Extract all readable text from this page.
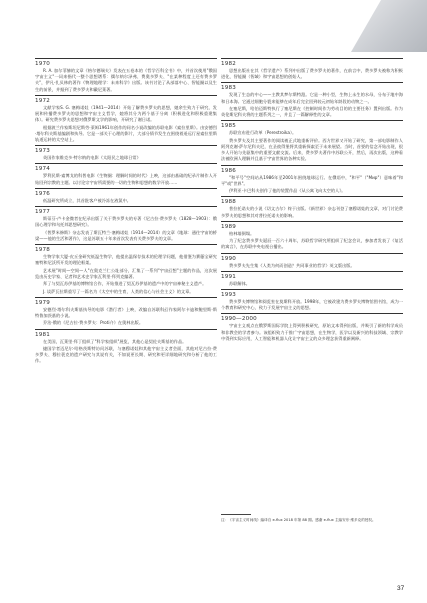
1970

R. A. 加尔菲赫的文章《格尔德瑞夫》发表在五卷本的《哲学百科全书》中，并首次使用"俄国宇宙主义"一词来指代一整个思想谱系：儒尔纳尔泽弗、费奥多罗夫、"在某种程度上还有费多罗夫"，伊凡·扎贝林的著作《物理地理学：未来科学》出版。该书讨论了从部落中心、智能圈以及生生的前景，并据到了费多罗夫和戴尼莱著。

1972

文献学家S. G. 塞梅诺娃（1941—2014）开始了解费多罗夫的思想，她余生致力于研究、发展和传播费多罗夫的思想和宇宙主义哲学，她将其分为两个基于分离（积极进化和积极重建集体）。研究费多罗夫思想对俄罗斯文学的影响，开研究了谢日诺。

根据波兰作家斯坦尼斯劳·莱姆1961年创作的同名小说改编的苏联电影《索拉里斯》。由安德烈·塔尔科夫斯基编剧和执导。它是一部关于心理的影片，大部分情节发生在围绕着遥远行星索拉里斯轨道运转的太空站上。

1973

英国作家维克多·特尔纳的电影《太阳民之地球日常》

1974

罗利民斯·索博戈的科普电影《生物圈：理解时间的时代》上映，这部由基础的纪录片制作人开始回到宗教的主题。以讨论宗宇宙所需要的一切的生物和思想的数学开放……

1976

低温研究所成立，其首批客户被冷冻在液氮中。

1977

斯蒂芬·卢卡金微者在纪录出版了关于费多罗夫的专著《尼古拉·费多罗夫（1828—1903）：俄国心理学和乌托邦思想研究》。

《普罗米修斯》杂志发表了斯瓦特兰·塞梅诺娃（1914—2014）的文章《地球：通往宇宙的桥梁——他的生活和著作》，这是苏联五十年来首次发表有关费多罗夫的文章。

1978

生物学家大厦-皮丘金研究低温生物学，他提出温保存技术的伦理学问题，他借鉴为赛藤宝研究塞特和尼沃所开发的理论框架。

艺术展"时间—空间—人"在奥克兰仁公址部分，汇集了一系列"宇宙幻想"主题的作品，这次展览由历史学家、记者和艺术史学家瓦利里·拜列克编著。

拜了与契瓦苏伊基的博物馆合作，开始推进了契瓦苏伊基的遗产中的宇宙神秘主义遗产。

J. 谈萨瓦拉斯重写了一篇名为《太空中的生育，人类的信心与社会主义》的文章。

1979

安德烈·塔尔科夫斯基执导的电影《潜行者》上映，改编自苏联科幻作家阿尔卡迪和鲍里斯·斯特鲁加茨基的小说。

乔治·俄的《尼古拉·费多罗夫：Proti介》在奥林出版。

1981

在美国，瓦莱里·拜丁组织了"科学家组织"展览，其他心是契佐夫斯基的作品。

捷国学者迈尼尔·哈格茨斯特访问苏联，与塞穆诺娃和其他宇宙主义者会面，其他对尼古拉·费多罗夫、穆拉裴克的遗产研究与其说有关，不如说更长期、研究和更详细地研究和分析了他的工作。

1982

思想出版社在其《哲学遗产》系列中出版了费多罗夫的著作，在前言中，费多罗夫被称为积极进化、智能圈（智域）和宇宙思想的创始人。

1983

发现了生态的中心——主教其梦尔斯特派。它是一种小型，生物上永生的水母，分布于地中海和日本海。它通过细胞分裂来能够在成年后完全回到较元初始年龄段的动物之一。

在塞尼斯，哈伯迈斯特执行了塞尼斯在《控制时间作为劳动目的的主要任务》置到出版。作为英伦斯尼科夫将的主题系列之一，并且了一篇解释性的文章。

1985

苏联宣布进行改革（Perestroika）。

费多罗夫及其主要著作的阅读被正式地重新评价。西方世界又开始了研究，第一部电影制作人阿列克谢·萨尔尼科夫尼，在圣彼得堡将其重新探索至于未来展望。当时，首要的信念开始出现，很多人开始与先驱集中的重要文献交流。后来，费多罗夫著作中苏联公开，然后，再次出版，这种看法被欧洲人理解并且基于宇宙世界的各种实验。

1986

"和平号"空间站从1986年至2001年围绕地球运行。在俄语中，"和平"（"Мир"）意味着"和平"或"世界"。

伊利亚·卡巴科夫创作了他的装置作品《从公寓飞向太空的人》。

1988

普拉托诺夫的小说《切文古尔》终于出版。《新世界》杂志刊登了塞穆诺娃的文章，对门讨论费多罗夫的思想和其对普拉托诺夫的影响。

1989

柏林墙倒塌。

为了纪念费多罗夫诞辰一百六十周年，苏联哲学研究所组织了纪念会议，参加者发表了《复活的寓言》，在苏联中央电视台播出。

1990

费多罗夫先生集《人类为何而创造？共同事业的哲学》英文版出版。

1991

苏联解体。

1993

费多罗夫博物馆和阅览室在莫斯科开放。1998年，它被改建为费多罗夫博物馆图书馆，成为一个教育和研究中心，致力于发展宇宙主义的思想。

1990—2000

宇宙主义观点在俄罗斯国际学院上得到积极研究，原始文本得到出版，并吸引了新的科学成员和非教会的学者参与。该组织致力于推广宇宙思想，在生物学，医学以及新兴的科技领域、宗教学中得到实际应用，人工智能和机器人化让宇宙主义的众多理念获得重新阐释。

注：《宇宙主义时间线》编译自 e-flux 2018 年第 88 期。感谢 e-flux 主编安东·维多克的授权。
37
